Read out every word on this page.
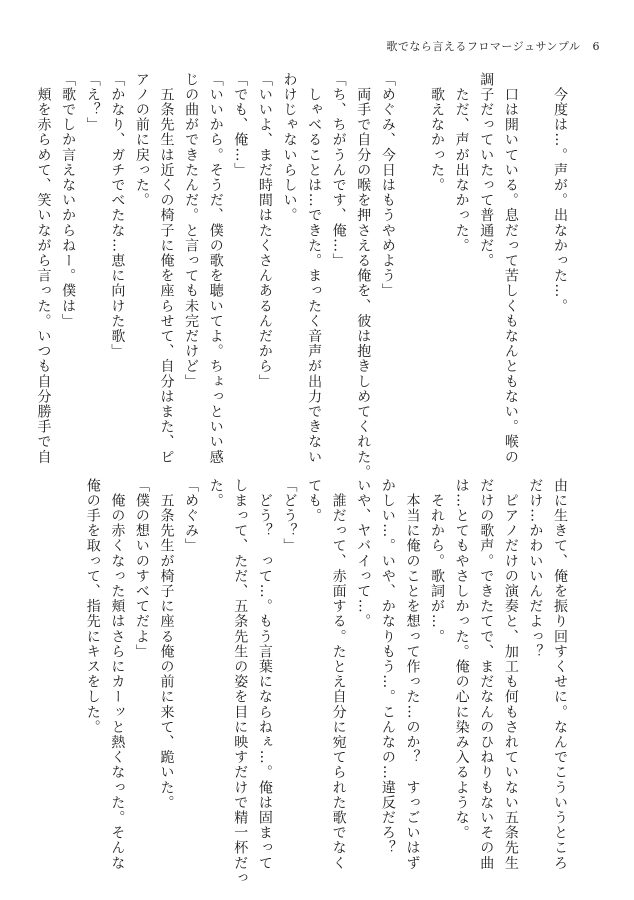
歌でなら言えるフロマージュサンプル 6
　今度は…。声が。出なかった…。

　口は開いている。息だって苦しくもなんともない。喉の
調子だっていたって普通だ。
　ただ、声が出なかった。
　歌えなかった。

「めぐみ、今日はもうやめよう」
　両手で自分の喉を押さえる俺を、彼は抱きしめてくれた。
「ち、ちがうんです、俺…」
　しゃべることは…できた。まったく音声が出力できない
わけじゃないらしい。
「いいよ、まだ時間はたくさんあるんだから」
「でも、俺…」
「いいから。そうだ、僕の歌を聴いてよ。ちょっといい感
じの曲ができたんだ。と言っても未完だけど」
　五条先生は近くの椅子に俺を座らせて、自分はまた、ピ
アノの前に戻った。
「かなり、ガチでべたな…恵に向けた歌」
「え？」
「歌でしか言えないからねー。僕は」
　頬を赤らめて、笑いながら言った。いつも自分勝手で自
由に生きて、俺を振り回すくせに。なんでこういうところ
だけ…かわいいんだよっ？
　ピアノだけの演奏と、加工も何もされていない五条先生
だけの歌声。できたてで、まだなんのひねりもないその曲
は…とてもやさしかった。俺の心に染み入るような。
　それから。歌詞が…。
　本当に俺のことを想って作った…のか？　すっごいはず
かしい…。いや、かなりもう…。こんなの…違反だろ？
いや、ヤバイって…。
　誰だって、赤面する。たとえ自分に宛てられた歌でなく
ても。
「どう？」
　どう？　って…。もう言葉にならねぇ…。俺は固まって
しまって、ただ、五条先生の姿を目に映すだけで精一杯だっ
た。
「めぐみ」
　五条先生が椅子に座る俺の前に来て、跪いた。
「僕の想いのすべてだよ」
　俺の赤くなった頬はさらにカーッと熱くなった。そんな
俺の手を取って、指先にキスをした。
